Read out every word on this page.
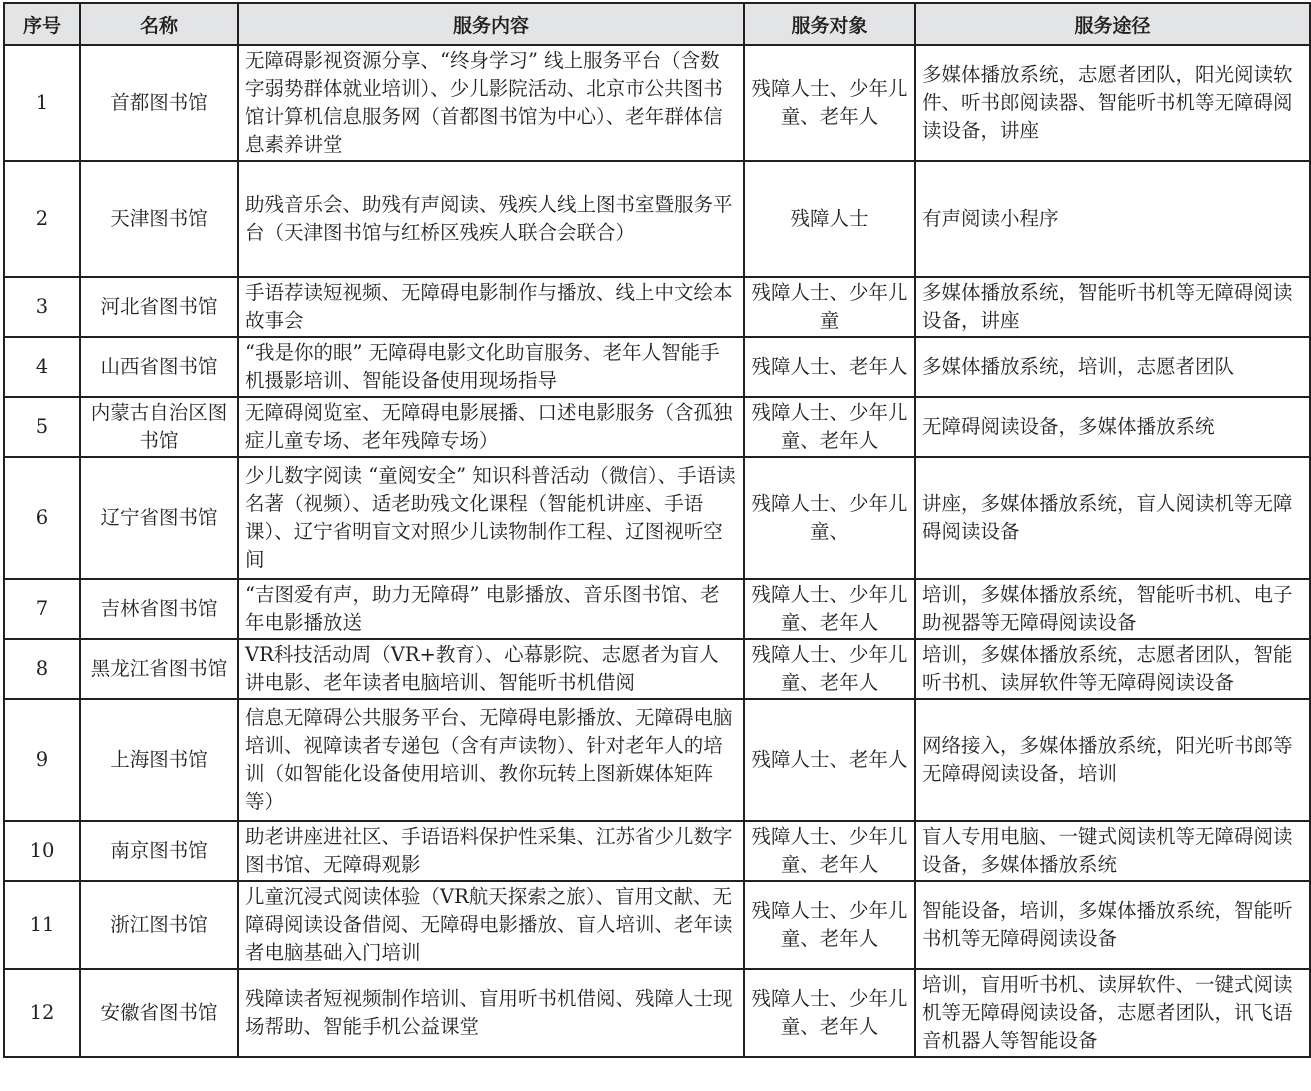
序号	名称	服务内容	服务对象	服务途径
1	首都图书馆	无障碍影视资源分享、“终身学习” 线上服务平台（含数字弱势群体就业培训）、少儿影院活动、北京市公共图书馆计算机信息服务网（首都图书馆为中心）、老年群体信息素养讲堂	残障人士、少年儿童、老年人	多媒体播放系统，志愿者团队，阳光阅读软件、听书郎阅读器、智能听书机等无障碍阅读设备，讲座
2	天津图书馆	助残音乐会、助残有声阅读、残疾人线上图书室暨服务平台（天津图书馆与红桥区残疾人联合会联合）	残障人士	有声阅读小程序
3	河北省图书馆	手语荐读短视频、无障碍电影制作与播放、线上中文绘本故事会	残障人士、少年儿童	多媒体播放系统，智能听书机等无障碍阅读设备，讲座
4	山西省图书馆	“我是你的眼” 无障碍电影文化助盲服务、老年人智能手机摄影培训、智能设备使用现场指导	残障人士、老年人	多媒体播放系统，培训，志愿者团队
5	内蒙古自治区图书馆	无障碍阅览室、无障碍电影展播、口述电影服务（含孤独症儿童专场、老年残障专场）	残障人士、少年儿童、老年人	无障碍阅读设备，多媒体播放系统
6	辽宁省图书馆	少儿数字阅读 “童阅安全” 知识科普活动（微信）、手语读名著（视频）、适老助残文化课程（智能机讲座、手语课）、辽宁省明盲文对照少儿读物制作工程、辽图视听空间	残障人士、少年儿童、	讲座，多媒体播放系统，盲人阅读机等无障碍阅读设备
7	吉林省图书馆	“吉图爱有声，助力无障碍” 电影播放、音乐图书馆、老年电影播放送	残障人士、少年儿童、老年人	培训，多媒体播放系统，智能听书机、电子助视器等无障碍阅读设备
8	黑龙江省图书馆	VR科技活动周（VR+教育）、心幕影院、志愿者为盲人讲电影、老年读者电脑培训、智能听书机借阅	残障人士、少年儿童、老年人	培训，多媒体播放系统，志愿者团队，智能听书机、读屏软件等无障碍阅读设备
9	上海图书馆	信息无障碍公共服务平台、无障碍电影播放、无障碍电脑培训、视障读者专递包（含有声读物）、针对老年人的培训（如智能化设备使用培训、教你玩转上图新媒体矩阵等）	残障人士、老年人	网络接入，多媒体播放系统，阳光听书郎等无障碍阅读设备，培训
10	南京图书馆	助老讲座进社区、手语语料保护性采集、江苏省少儿数字图书馆、无障碍观影	残障人士、少年儿童、老年人	盲人专用电脑、一键式阅读机等无障碍阅读设备，多媒体播放系统
11	浙江图书馆	儿童沉浸式阅读体验（VR航天探索之旅）、盲用文献、无障碍阅读设备借阅、无障碍电影播放、盲人培训、老年读者电脑基础入门培训	残障人士、少年儿童、老年人	智能设备，培训，多媒体播放系统，智能听书机等无障碍阅读设备
12	安徽省图书馆	残障读者短视频制作培训、盲用听书机借阅、残障人士现场帮助、智能手机公益课堂	残障人士、少年儿童、老年人	培训，盲用听书机、读屏软件、一键式阅读机等无障碍阅读设备，志愿者团队，讯飞语音机器人等智能设备
